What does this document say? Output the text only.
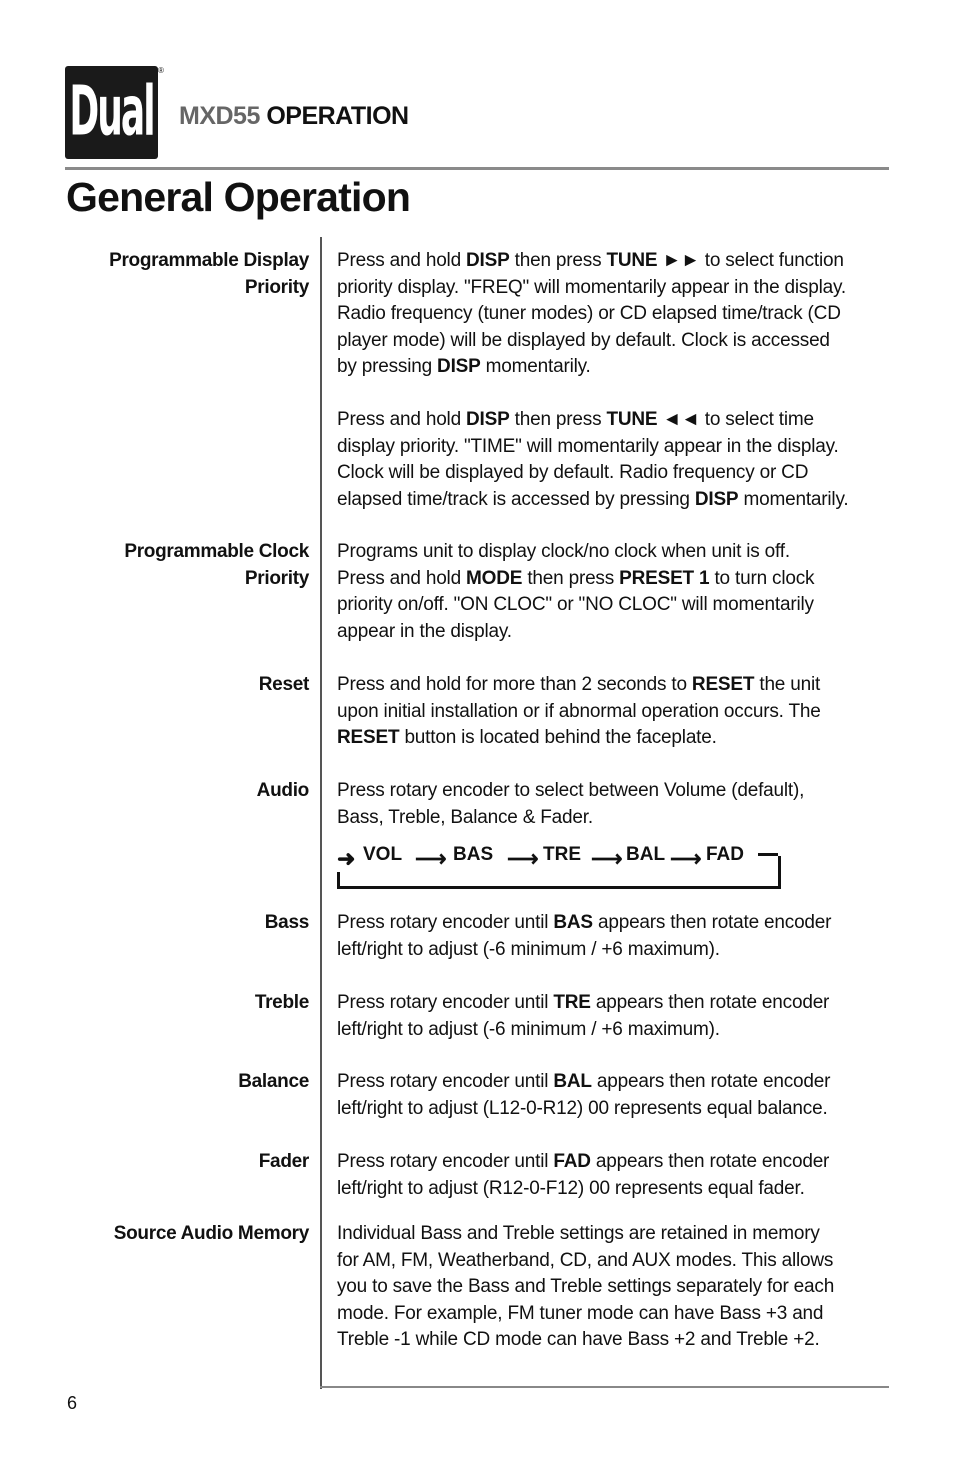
Dual
®
MXD55 OPERATION
General Operation
6
Programmable Display
Priority
Press and hold DISP then press TUNE ►► to select function
priority display. "FREQ" will momentarily appear in the display.
Radio frequency (tuner modes) or CD elapsed time/track (CD
player mode) will be displayed by default. Clock is accessed
by pressing DISP momentarily.
Press and hold DISP then press TUNE ◄◄ to select time
display priority. "TIME" will momentarily appear in the display.
Clock will be displayed by default. Radio frequency or CD
elapsed time/track is accessed by pressing DISP momentarily.
Programmable Clock
Priority
Programs unit to display clock/no clock when unit is off.
Press and hold MODE then press PRESET 1 to turn clock
priority on/off. "ON CLOC" or "NO CLOC" will momentarily
appear in the display.
Reset Press and hold for more than 2 seconds to RESET the unit
upon initial installation or if abnormal operation occurs. The
RESET button is located behind the faceplate.
Audio Press rotary encoder to select between Volume (default),
Bass, Treble, Balance & Fader.
Bass Press rotary encoder until BAS appears then rotate encoder
left/right to adjust (-6 minimum / +6 maximum).
Treble Press rotary encoder until TRE appears then rotate encoder
left/right to adjust (-6 minimum / +6 maximum).
Balance Press rotary encoder until BAL appears then rotate encoder
left/right to adjust (L12-0-R12) 00 represents equal balance.
Fader Press rotary encoder until FAD appears then rotate encoder
left/right to adjust (R12-0-F12) 00 represents equal fader.
Source Audio Memory Individual Bass and Treble settings are retained in memory
for AM, FM, Weatherband, CD, and AUX modes. This allows
you to save the Bass and Treble settings separately for each
mode. For example, FM tuner mode can have Bass +3 and
Treble -1 while CD mode can have Bass +2 and Treble +2.
➜ VOL ⟶ BAS ⟶ TRE ⟶ BAL ⟶ FAD
